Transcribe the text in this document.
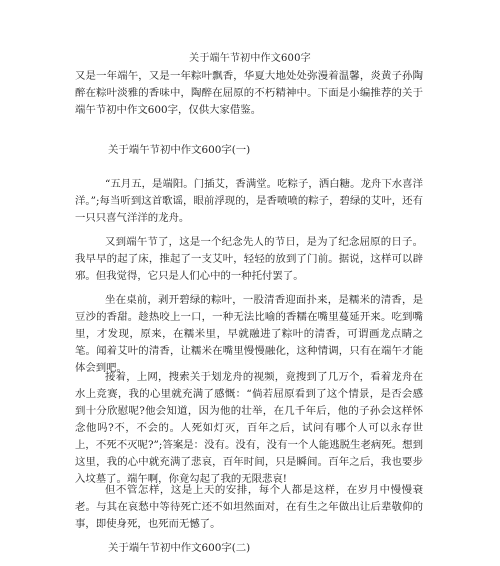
关于端午节初中作文600字

又是一年端午，又是一年粽叶飘香，华夏大地处处弥漫着温馨，炎黄子孙陶醉在粽叶淡雅的香味中，陶醉在屈原的不朽精神中。下面是小编推荐的关于端午节初中作文600字，仅供大家借鉴。

关于端午节初中作文600字(一)

“五月五，是端阳。门插艾，香满堂。吃粽子，洒白糖。龙舟下水喜洋洋。”;每当听到这首歌谣，眼前浮现的，是香喷喷的粽子，碧绿的艾叶，还有一只只喜气洋洋的龙舟。

又到端午节了，这是一个纪念先人的节日，是为了纪念屈原的日子。我早早的起了床，推起了一支艾叶，轻轻的放到了门前。据说，这样可以辟邪。但我觉得，它只是人们心中的一种托付罢了。

坐在桌前，剥开碧绿的粽叶，一股清香迎面扑来，是糯米的清香，是豆沙的香甜。趁热咬上一口，一种无法比喻的香糯在嘴里蔓延开来。吃到嘴里，才发现，原来，在糯米里，早就融进了粽叶的清香，可谓画龙点睛之笔。闻着艾叶的清香，让糯米在嘴里慢慢融化，这种情调，只有在端午才能体会到吧。

接着，上网，搜索关于划龙舟的视频，竟搜到了几万个，看着龙舟在水上竞赛，我的心里就充满了感慨：“倘若屈原看到了这个情景，是否会感到十分欣慰呢?他会知道，因为他的壮举，在几千年后，他的子孙会这样怀念他吗?不，不会的。人死如灯灭，百年之后，试问有哪个人可以永存世上，不死不灭呢?”;答案是：没有。没有，没有一个人能逃脱生老病死。想到这里，我的心中就充满了悲哀，百年时间，只是瞬间。百年之后，我也要步入坟墓了。端午啊，你竟勾起了我的无限悲哀!

但不管怎样，这是上天的安排，每个人都是这样，在岁月中慢慢衰老。与其在哀愁中等待死亡还不如坦然面对，在有生之年做出让后辈敬仰的事，即使身死，也死而无憾了。

关于端午节初中作文600字(二)
